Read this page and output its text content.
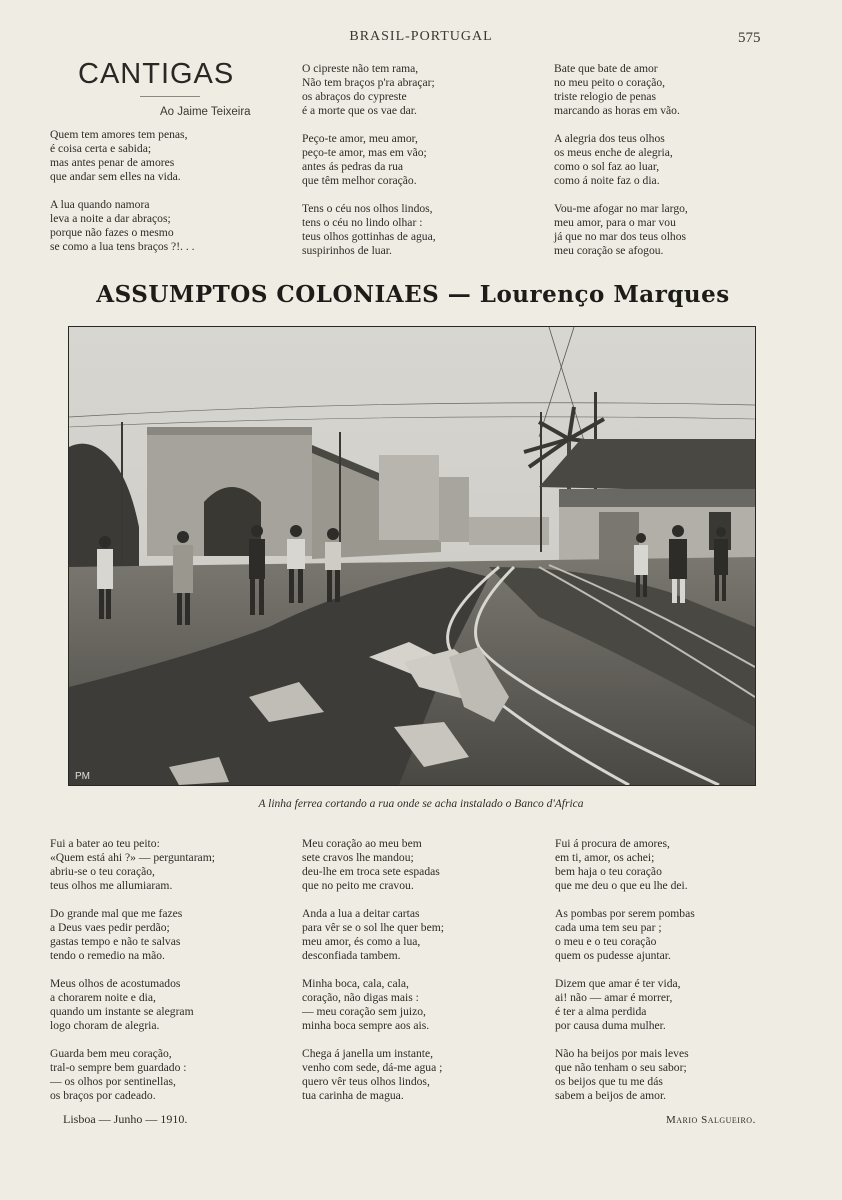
BRASIL-PORTUGAL	575
CANTIGAS
Ao Jaime Teixeira
Quem tem amores tem penas,
é coisa certa e sabida;
mas antes penar de amores
que andar sem elles na vida.
A lua quando namora
leva a noite a dar abraços;
porque não fazes o mesmo
se como a lua tens braços ?!. . .
O cipreste não tem rama,
Não tem braços p'ra abraçar;
os abraços do cypreste
é a morte que os vae dar.
Peço-te amor, meu amor,
peço-te amor, mas em vão;
antes ás pedras da rua
que têm melhor coração.
Tens o céu nos olhos lindos,
tens o céu no lindo olhar :
teus olhos gottinhas de agua,
suspirinhos de luar.
Bate que bate de amor
no meu peito o coração,
triste relogio de penas
marcando as horas em vão.
A alegria dos teus olhos
os meus enche de alegria,
como o sol faz ao luar,
como á noite faz o dia.
Vou-me afogar no mar largo,
meu amor, para o mar vou
já que no mar dos teus olhos
meu coração se afogou.
ASSUMPTOS COLONIAES — Lourenço Marques
PM
A linha ferrea cortando a rua onde se acha instalado o Banco d'Africa
Fui a bater ao teu peito:
«Quem está ahi ?» — perguntaram;
abriu-se o teu coração,
teus olhos me allumiaram.
Do grande mal que me fazes
a Deus vaes pedir perdão;
gastas tempo e não te salvas
tendo o remedio na mão.
Meus olhos de acostumados
a chorarem noite e dia,
quando um instante se alegram
logo choram de alegria.
Guarda bem meu coração,
tral-o sempre bem guardado :
— os olhos por sentinellas,
os braços por cadeado.
Meu coração ao meu bem
sete cravos lhe mandou;
deu-lhe em troca sete espadas
que no peito me cravou.
Anda a lua a deitar cartas
para vêr se o sol lhe quer bem;
meu amor, és como a lua,
desconfiada tambem.
Minha boca, cala, cala,
coração, não digas mais :
— meu coração sem juizo,
minha boca sempre aos ais.
Chega á janella um instante,
venho com sede, dá-me agua ;
quero vêr teus olhos lindos,
tua carinha de magua.
Fui á procura de amores,
em ti, amor, os achei;
bem haja o teu coração
que me deu o que eu lhe dei.
As pombas por serem pombas
cada uma tem seu par ;
o meu e o teu coração
quem os pudesse ajuntar.
Dizem que amar é ter vida,
ai! não — amar é morrer,
é ter a alma perdida
por causa duma mulher.
Não ha beijos por mais leves
que não tenham o seu sabor;
os beijos que tu me dás
sabem a beijos de amor.
Lisboa — Junho — 1910.	Mario Salgueiro.
